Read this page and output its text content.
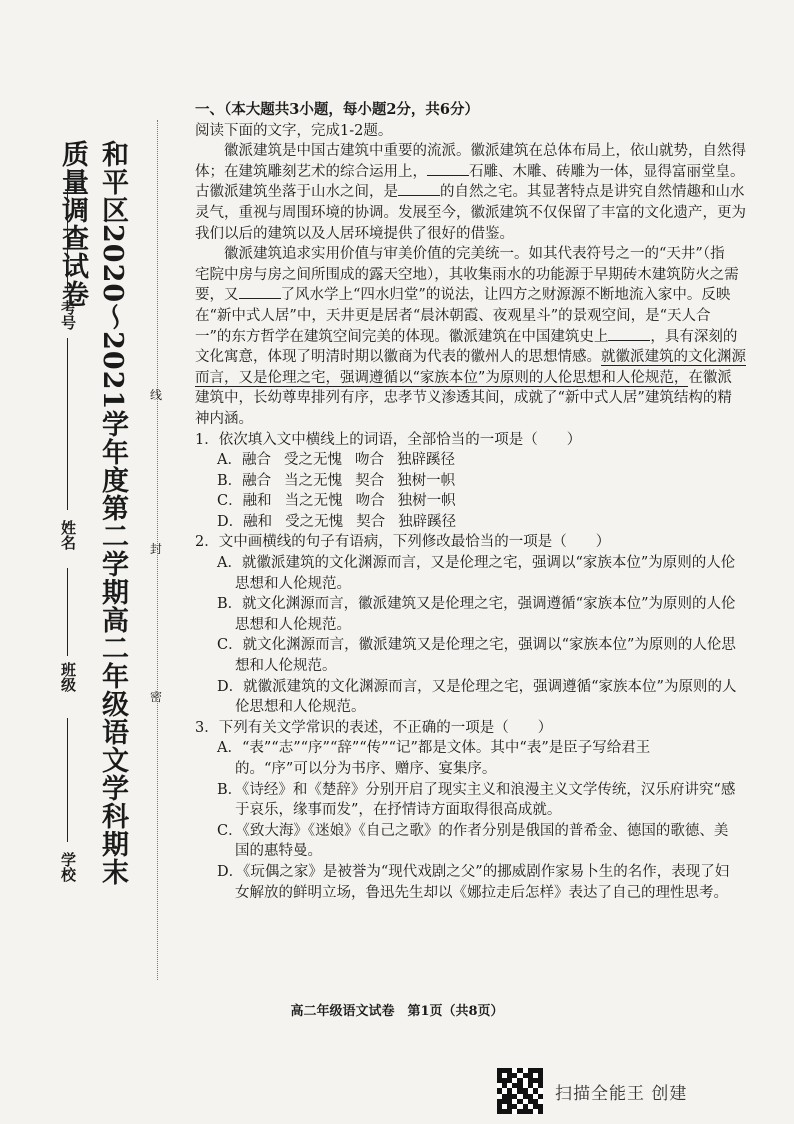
和平区2020～2021学年度第二学期高二年级语文学科期末质量调查试卷
考号
姓名
班级
学校
线
封
密
一、（本大题共3小题，每小题2分，共6分）
阅读下面的文字，完成1-2题。
徽派建筑是中国古建筑中重要的流派。徽派建筑在总体布局上，依山就势，自然得
体；在建筑雕刻艺术的综合运用上，	石雕、木雕、砖雕为一体，显得富丽堂皇。
古徽派建筑坐落于山水之间，是	的自然之宅。其显著特点是讲究自然情趣和山水
灵气，重视与周围环境的协调。发展至今，徽派建筑不仅保留了丰富的文化遗产，更为
我们以后的建筑以及人居环境提供了很好的借鉴。
徽派建筑追求实用价值与审美价值的完美统一。如其代表符号之一的“天井”（指
宅院中房与房之间所围成的露天空地），其收集雨水的功能源于早期砖木建筑防火之需
要，又	了风水学上“四水归堂”的说法，让四方之财源源不断地流入家中。反映
在“新中式人居”中，天井更是居者“晨沐朝霞、夜观星斗”的景观空间，是“天人合
一”的东方哲学在建筑空间完美的体现。徽派建筑在中国建筑史上	，具有深刻的
文化寓意，体现了明清时期以徽商为代表的徽州人的思想情感。就徽派建筑的文化渊源
而言，又是伦理之宅，强调遵循以“家族本位”为原则的人伦思想和人伦规范，在徽派
建筑中，长幼尊卑排列有序，忠孝节义渗透其间，成就了“新中式人居”建筑结构的精
神内涵。
1．依次填入文中横线上的词语，全部恰当的一项是（　　）
A．融合 受之无愧 吻合 独辟蹊径
B．融合 当之无愧 契合 独树一帜
C．融和 当之无愧 吻合 独树一帜
D．融和 受之无愧 契合 独辟蹊径
2．文中画横线的句子有语病，下列修改最恰当的一项是（　　）
A．就徽派建筑的文化渊源而言，又是伦理之宅，强调以“家族本位”为原则的人伦
思想和人伦规范。
B．就文化渊源而言，徽派建筑又是伦理之宅，强调遵循“家族本位”为原则的人伦
思想和人伦规范。
C．就文化渊源而言，徽派建筑又是伦理之宅，强调以“家族本位”为原则的人伦思
想和人伦规范。
D．就徽派建筑的文化渊源而言，又是伦理之宅，强调遵循“家族本位”为原则的人
伦思想和人伦规范。
3．下列有关文学常识的表述，不正确的一项是（　　）
A．“表”“志”“序”“辞”“传”“记”都是文体。其中“表”是臣子写给君王
的。“序”可以分为书序、赠序、宴集序。
B．《诗经》和《楚辞》分别开启了现实主义和浪漫主义文学传统，汉乐府讲究“感
于哀乐，缘事而发”，在抒情诗方面取得很高成就。
C．《致大海》《迷娘》《自己之歌》的作者分别是俄国的普希金、德国的歌德、美
国的惠特曼。
D．《玩偶之家》是被誉为“现代戏剧之父”的挪威剧作家易卜生的名作，表现了妇
女解放的鲜明立场，鲁迅先生却以《娜拉走后怎样》表达了自己的理性思考。
高二年级语文试卷　第1页（共8页）
扫描全能王 创建
